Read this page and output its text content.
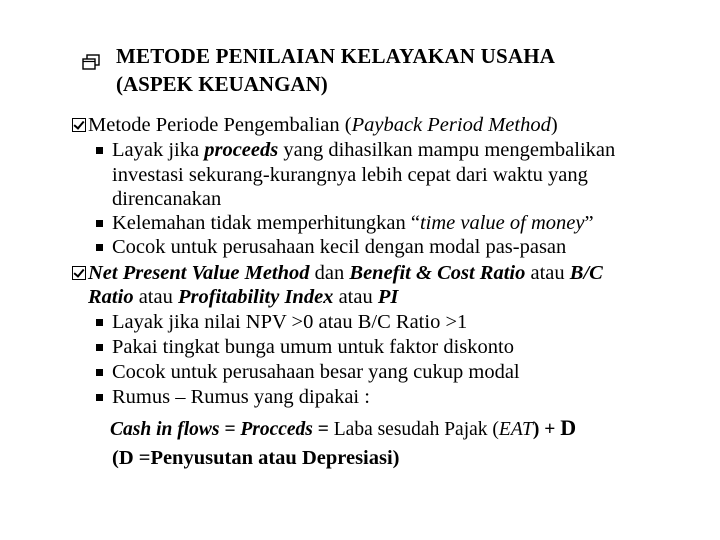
METODE PENILAIAN KELAYAKAN USAHA
(ASPEK KEUANGAN)
Metode Periode Pengembalian (Payback Period Method)
Layak jika proceeds yang dihasilkan mampu mengembalikan
investasi sekurang-kurangnya lebih cepat dari waktu yang
direncanakan
Kelemahan tidak memperhitungkan “time value of money”
Cocok untuk perusahaan kecil dengan modal pas-pasan
Net Present Value Method dan Benefit & Cost Ratio atau B/C
Ratio atau Profitability Index atau PI
Layak jika nilai NPV >0 atau B/C Ratio >1
Pakai tingkat bunga umum untuk faktor diskonto
Cocok untuk perusahaan besar yang cukup modal
Rumus – Rumus yang dipakai :
Cash in flows = Procceds = Laba sesudah Pajak (EAT) + D
(D =Penyusutan atau Depresiasi)
